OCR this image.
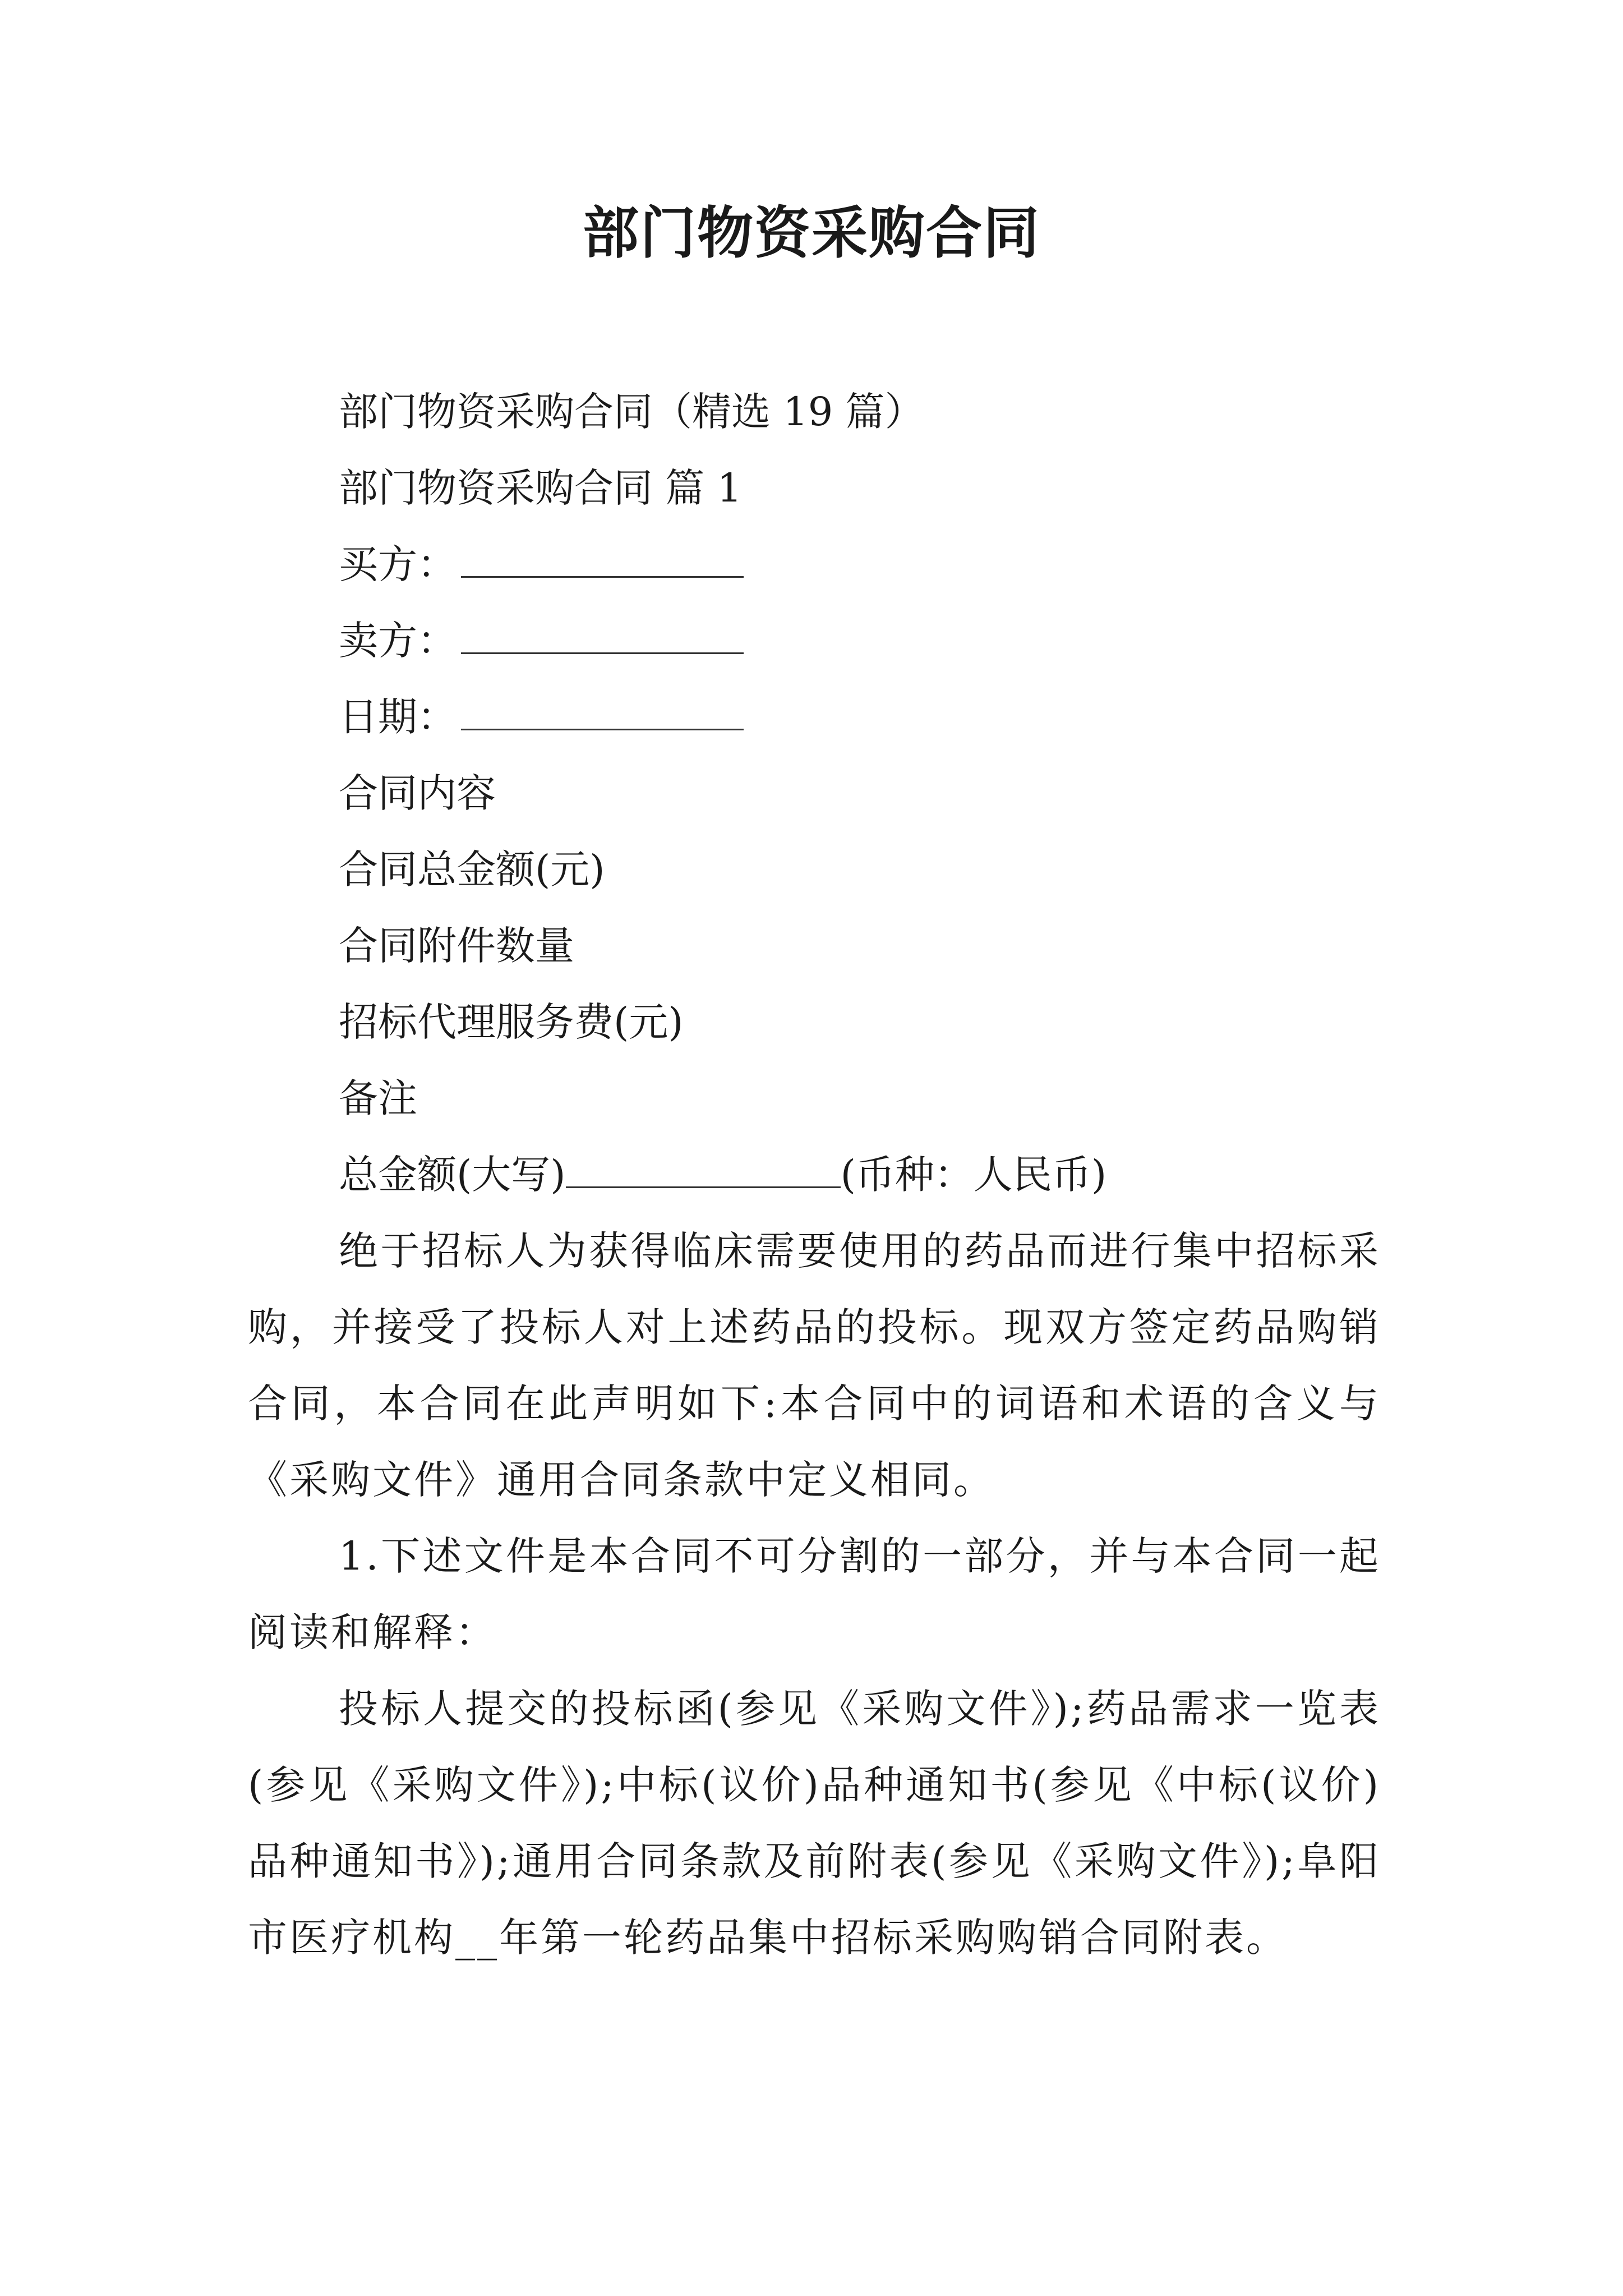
部门物资采购合同
部门物资采购合同（精选 19 篇）
部门物资采购合同 篇 1
买方：
卖方：
日期：
合同内容
合同总金额(元)
合同附件数量
招标代理服务费(元)
备注
总金额(大写)	(币种：人民币)
绝于招标人为获得临床需要使用的药品而进行集中招标采购，并接受了投标人对上述药品的投标。现双方签定药品购销合同，本合同在此声明如下:本合同中的词语和术语的含义与《采购文件》通用合同条款中定义相同。
1.下述文件是本合同不可分割的一部分，并与本合同一起阅读和解释：
投标人提交的投标函(参见《采购文件》);药品需求一览表(参见《采购文件》);中标(议价)品种通知书(参见《中标(议价)品种通知书》);通用合同条款及前附表(参见《采购文件》);阜阳市医疗机构__年第一轮药品集中招标采购购销合同附表。
